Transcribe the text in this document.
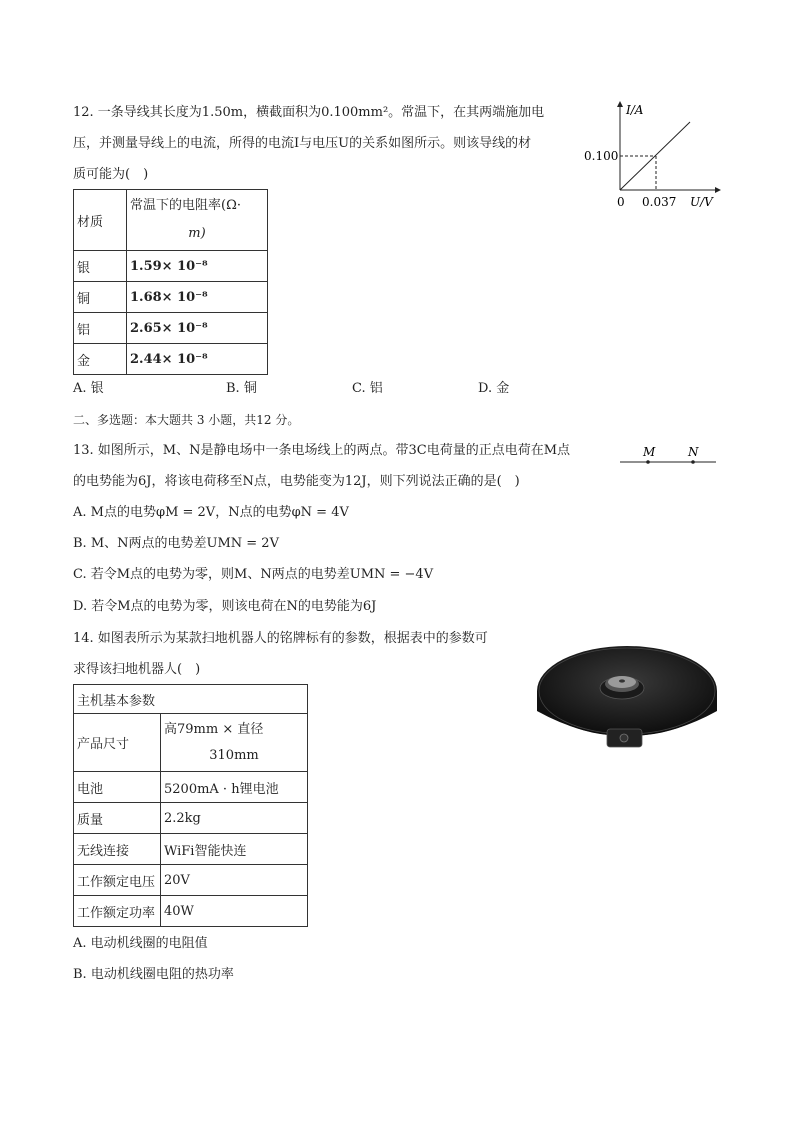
12. 一条导线其长度为1.50m，横截面积为0.100mm²。常温下，在其两端施加电
压，并测量导线上的电流，所得的电流I与电压U的关系如图所示。则该导线的材
质可能为(　)
I/A
0.100
0 0.037 U/V
材质	常温下的电阻率(Ω·
m)

银	1.59× 10⁻⁸
铜	1.68× 10⁻⁸
铝	2.65× 10⁻⁸
金	2.44× 10⁻⁸
A. 银	B. 铜	C. 铝	D. 金
二、多选题：本大题共 3 小题，共12 分。
13. 如图所示，M、N是静电场中一条电场线上的两点。带3C电荷量的正点电荷在M点
的电势能为6J，将该电荷移至N点，电势能变为12J，则下列说法正确的是(　)
M	N
A. M点的电势φM = 2V，N点的电势φN = 4V
B. M、N两点的电势差UMN = 2V
C. 若令M点的电势为零，则M、N两点的电势差UMN = −4V
D. 若令M点的电势为零，则该电荷在N的电势能为6J
14. 如图表所示为某款扫地机器人的铭牌标有的参数，根据表中的参数可
求得该扫地机器人(　)
主机基本参数	
产品尺寸	高79mm × 直径
310mm

电池	5200mA · h锂电池
质量	2.2kg
无线连接	WiFi智能快连
工作额定电压	20V
工作额定功率	40W
A. 电动机线圈的电阻值
B. 电动机线圈电阻的热功率
